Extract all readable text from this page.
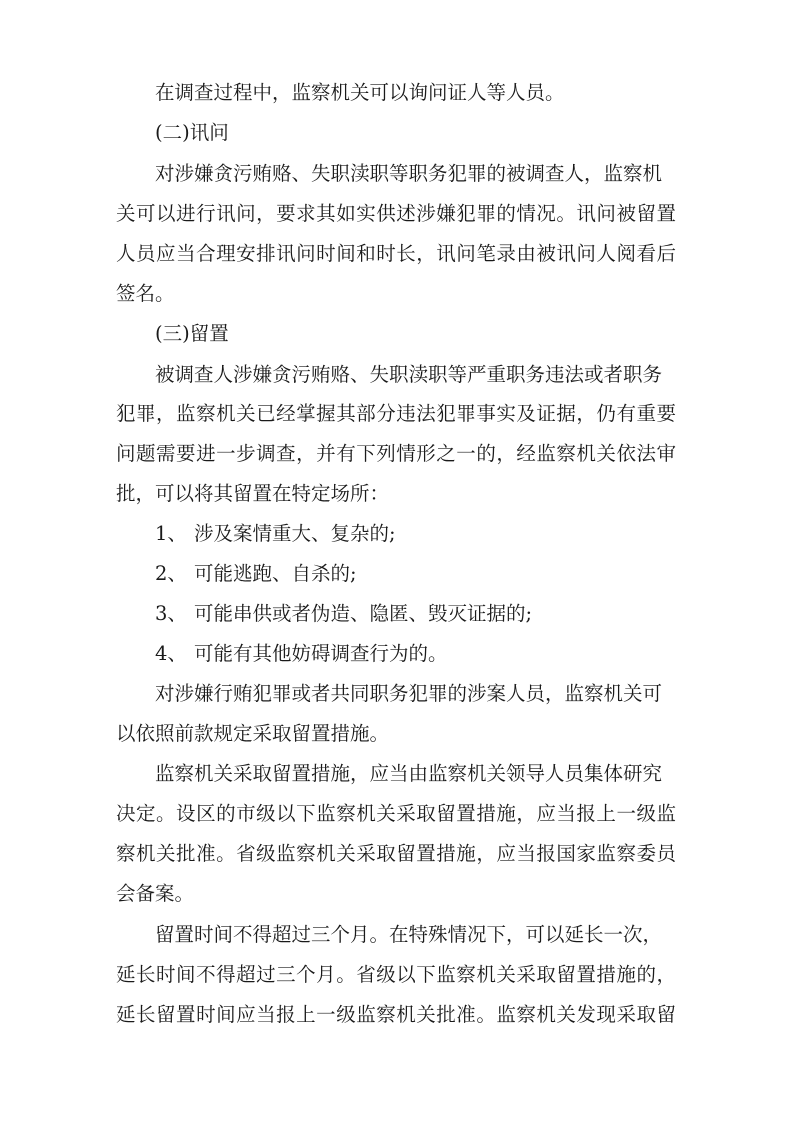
在调查过程中，监察机关可以询问证人等人员。
(二)讯问
对涉嫌贪污贿赂、失职渎职等职务犯罪的被调查人，监察机
关可以进行讯问，要求其如实供述涉嫌犯罪的情况。讯问被留置
人员应当合理安排讯问时间和时长，讯问笔录由被讯问人阅看后
签名。
(三)留置
被调查人涉嫌贪污贿赂、失职渎职等严重职务违法或者职务
犯罪，监察机关已经掌握其部分违法犯罪事实及证据，仍有重要
问题需要进一步调查，并有下列情形之一的，经监察机关依法审
批，可以将其留置在特定场所：
1、 涉及案情重大、复杂的;
2、 可能逃跑、自杀的;
3、 可能串供或者伪造、隐匿、毁灭证据的;
4、 可能有其他妨碍调查行为的。
对涉嫌行贿犯罪或者共同职务犯罪的涉案人员，监察机关可
以依照前款规定采取留置措施。
监察机关采取留置措施，应当由监察机关领导人员集体研究
决定。设区的市级以下监察机关采取留置措施，应当报上一级监
察机关批准。省级监察机关采取留置措施，应当报国家监察委员
会备案。
留置时间不得超过三个月。在特殊情况下，可以延长一次，
延长时间不得超过三个月。省级以下监察机关采取留置措施的，
延长留置时间应当报上一级监察机关批准。监察机关发现采取留
